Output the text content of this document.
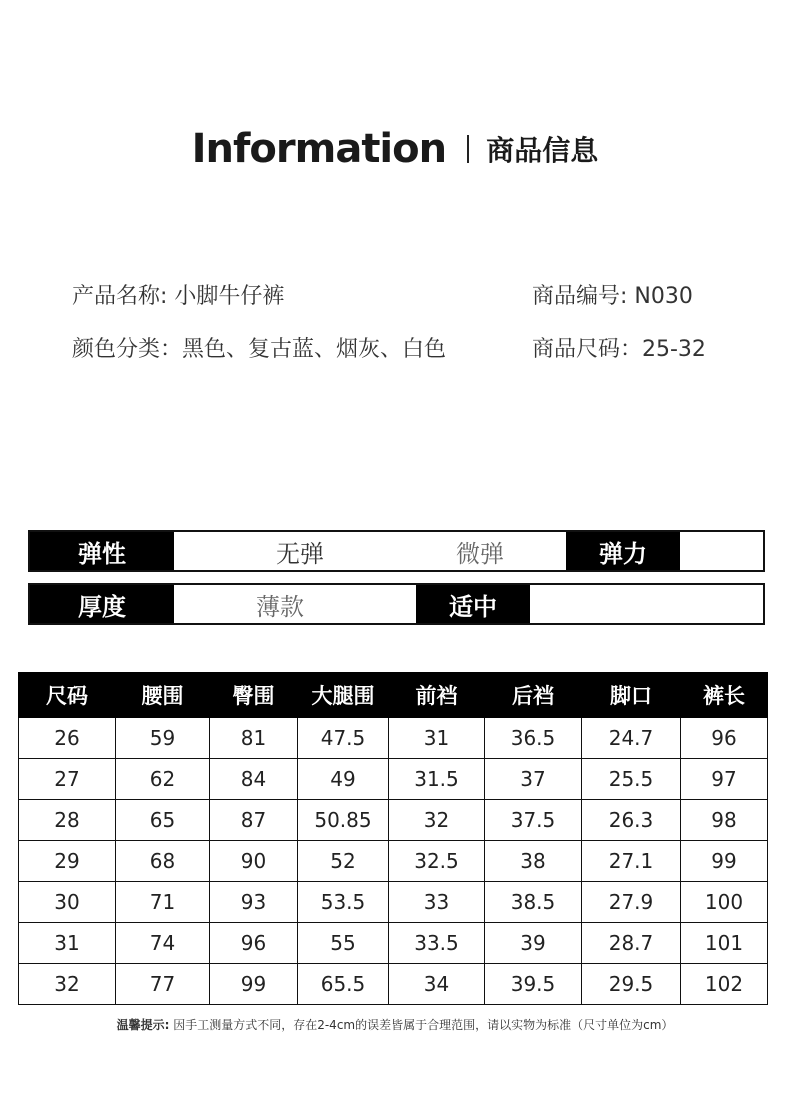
Information 商品信息
产品名称: 小脚牛仔裤	商品编号: N030
颜色分类：黑色、复古蓝、烟灰、白色	商品尺码：25-32
弹性	无弹	微弹	弹力
厚度	薄款	适中
尺码	腰围	臀围	大腿围	前裆	后裆	脚口	裤长
26	59	81	47.5	31	36.5	24.7	96
27	62	84	49	31.5	37	25.5	97
28	65	87	50.85	32	37.5	26.3	98
29	68	90	52	32.5	38	27.1	99
30	71	93	53.5	33	38.5	27.9	100
31	74	96	55	33.5	39	28.7	101
32	77	99	65.5	34	39.5	29.5	102
温馨提示: 因手工测量方式不同，存在2-4cm的误差皆属于合理范围，请以实物为标准（尺寸单位为cm）
